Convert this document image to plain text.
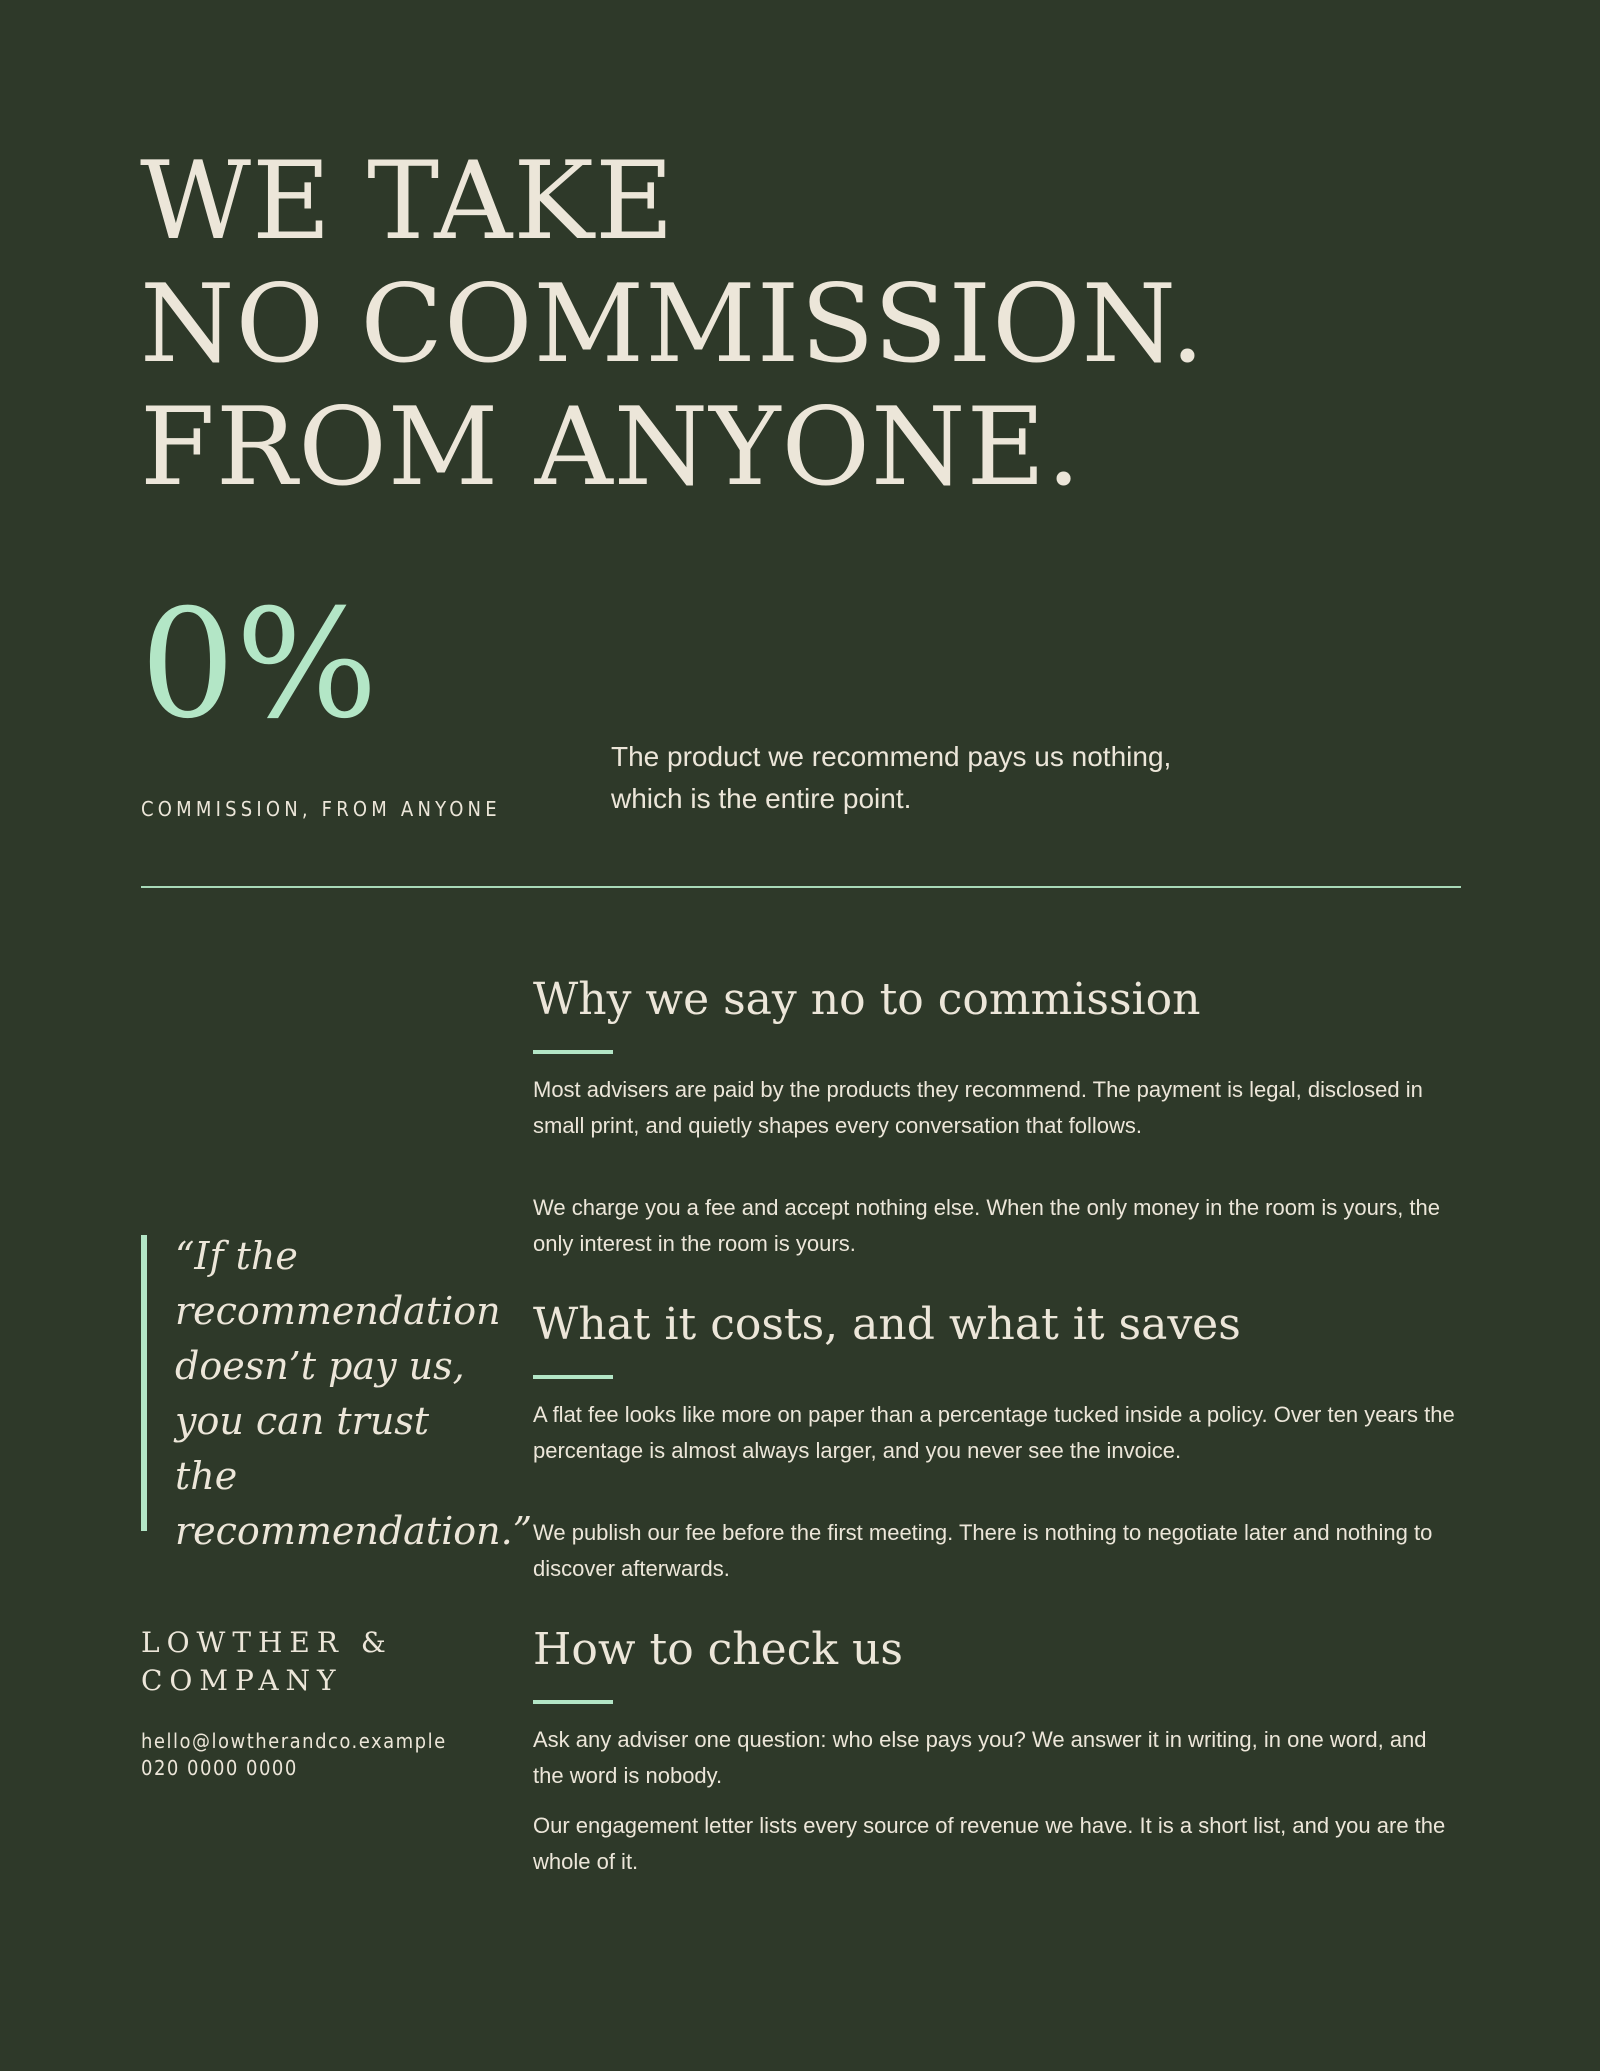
WE TAKE
NO COMMISSION.
FROM ANYONE.
0%
COMMISSION, FROM ANYONE

The product we recommend pays us nothing, which is the entire point.

“If the recommendation doesn’t pay us, you can trust the recommendation.”

LOWTHER &
COMPANY
hello@lowtherandco.example
020 0000 0000
Why we say no to commission

Most advisers are paid by the products they recommend. The payment is legal, disclosed in small print, and quietly shapes every conversation that follows.

We charge you a fee and accept nothing else. When the only money in the room is yours, the only interest in the room is yours.

What it costs, and what it saves

A flat fee looks like more on paper than a percentage tucked inside a policy. Over ten years the percentage is almost always larger, and you never see the invoice.

We publish our fee before the first meeting. There is nothing to negotiate later and nothing to discover afterwards.

How to check us

Ask any adviser one question: who else pays you? We answer it in writing, in one word, and the word is nobody.

Our engagement letter lists every source of revenue we have. It is a short list, and you are the whole of it.
